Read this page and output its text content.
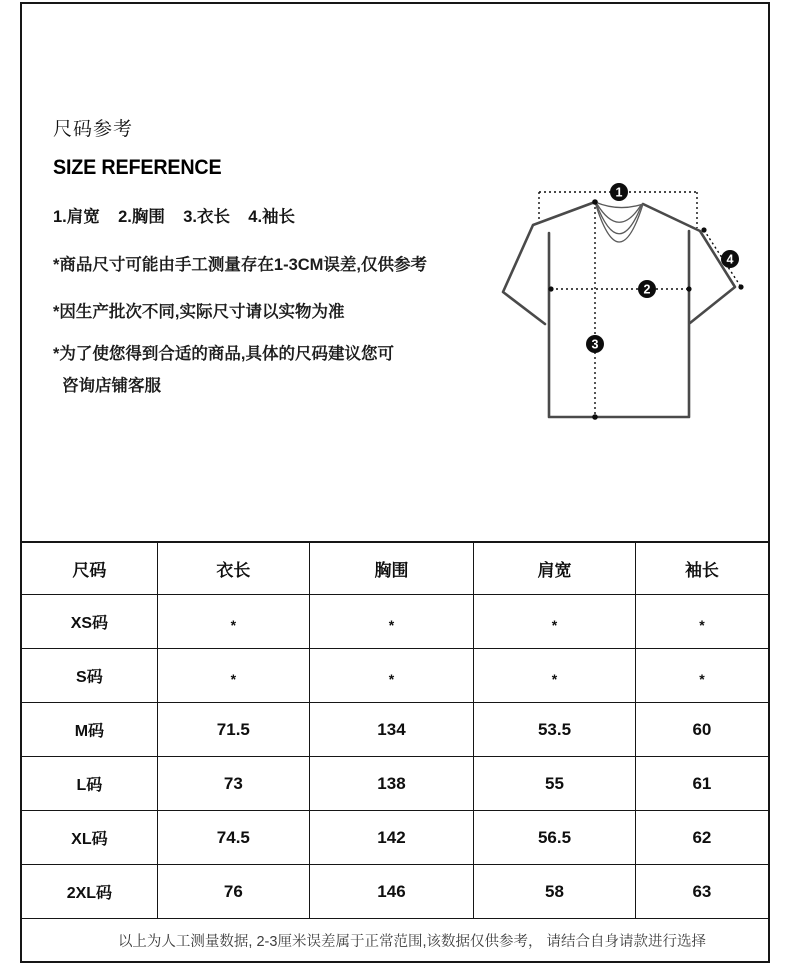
尺码参考
SIZE REFERENCE
1.肩宽    2.胸围    3.衣长    4.袖长
*商品尺寸可能由手工测量存在1-3CM误差,仅供参考
*因生产批次不同,实际尺寸请以实物为准
*为了使您得到合适的商品,具体的尺码建议您可
咨询店铺客服
1
2
3
4
尺码	衣长	胸围	肩宽	袖长
XS码	*	*	*	*
S码	*	*	*	*
M码	71.5	134	53.5	60
L码	73	138	55	61
XL码	74.5	142	56.5	62
2XL码	76	146	58	63
以上为人工测量数据, 2-3厘米误差属于正常范围,该数据仅供参考， 请结合自身请款进行选择
